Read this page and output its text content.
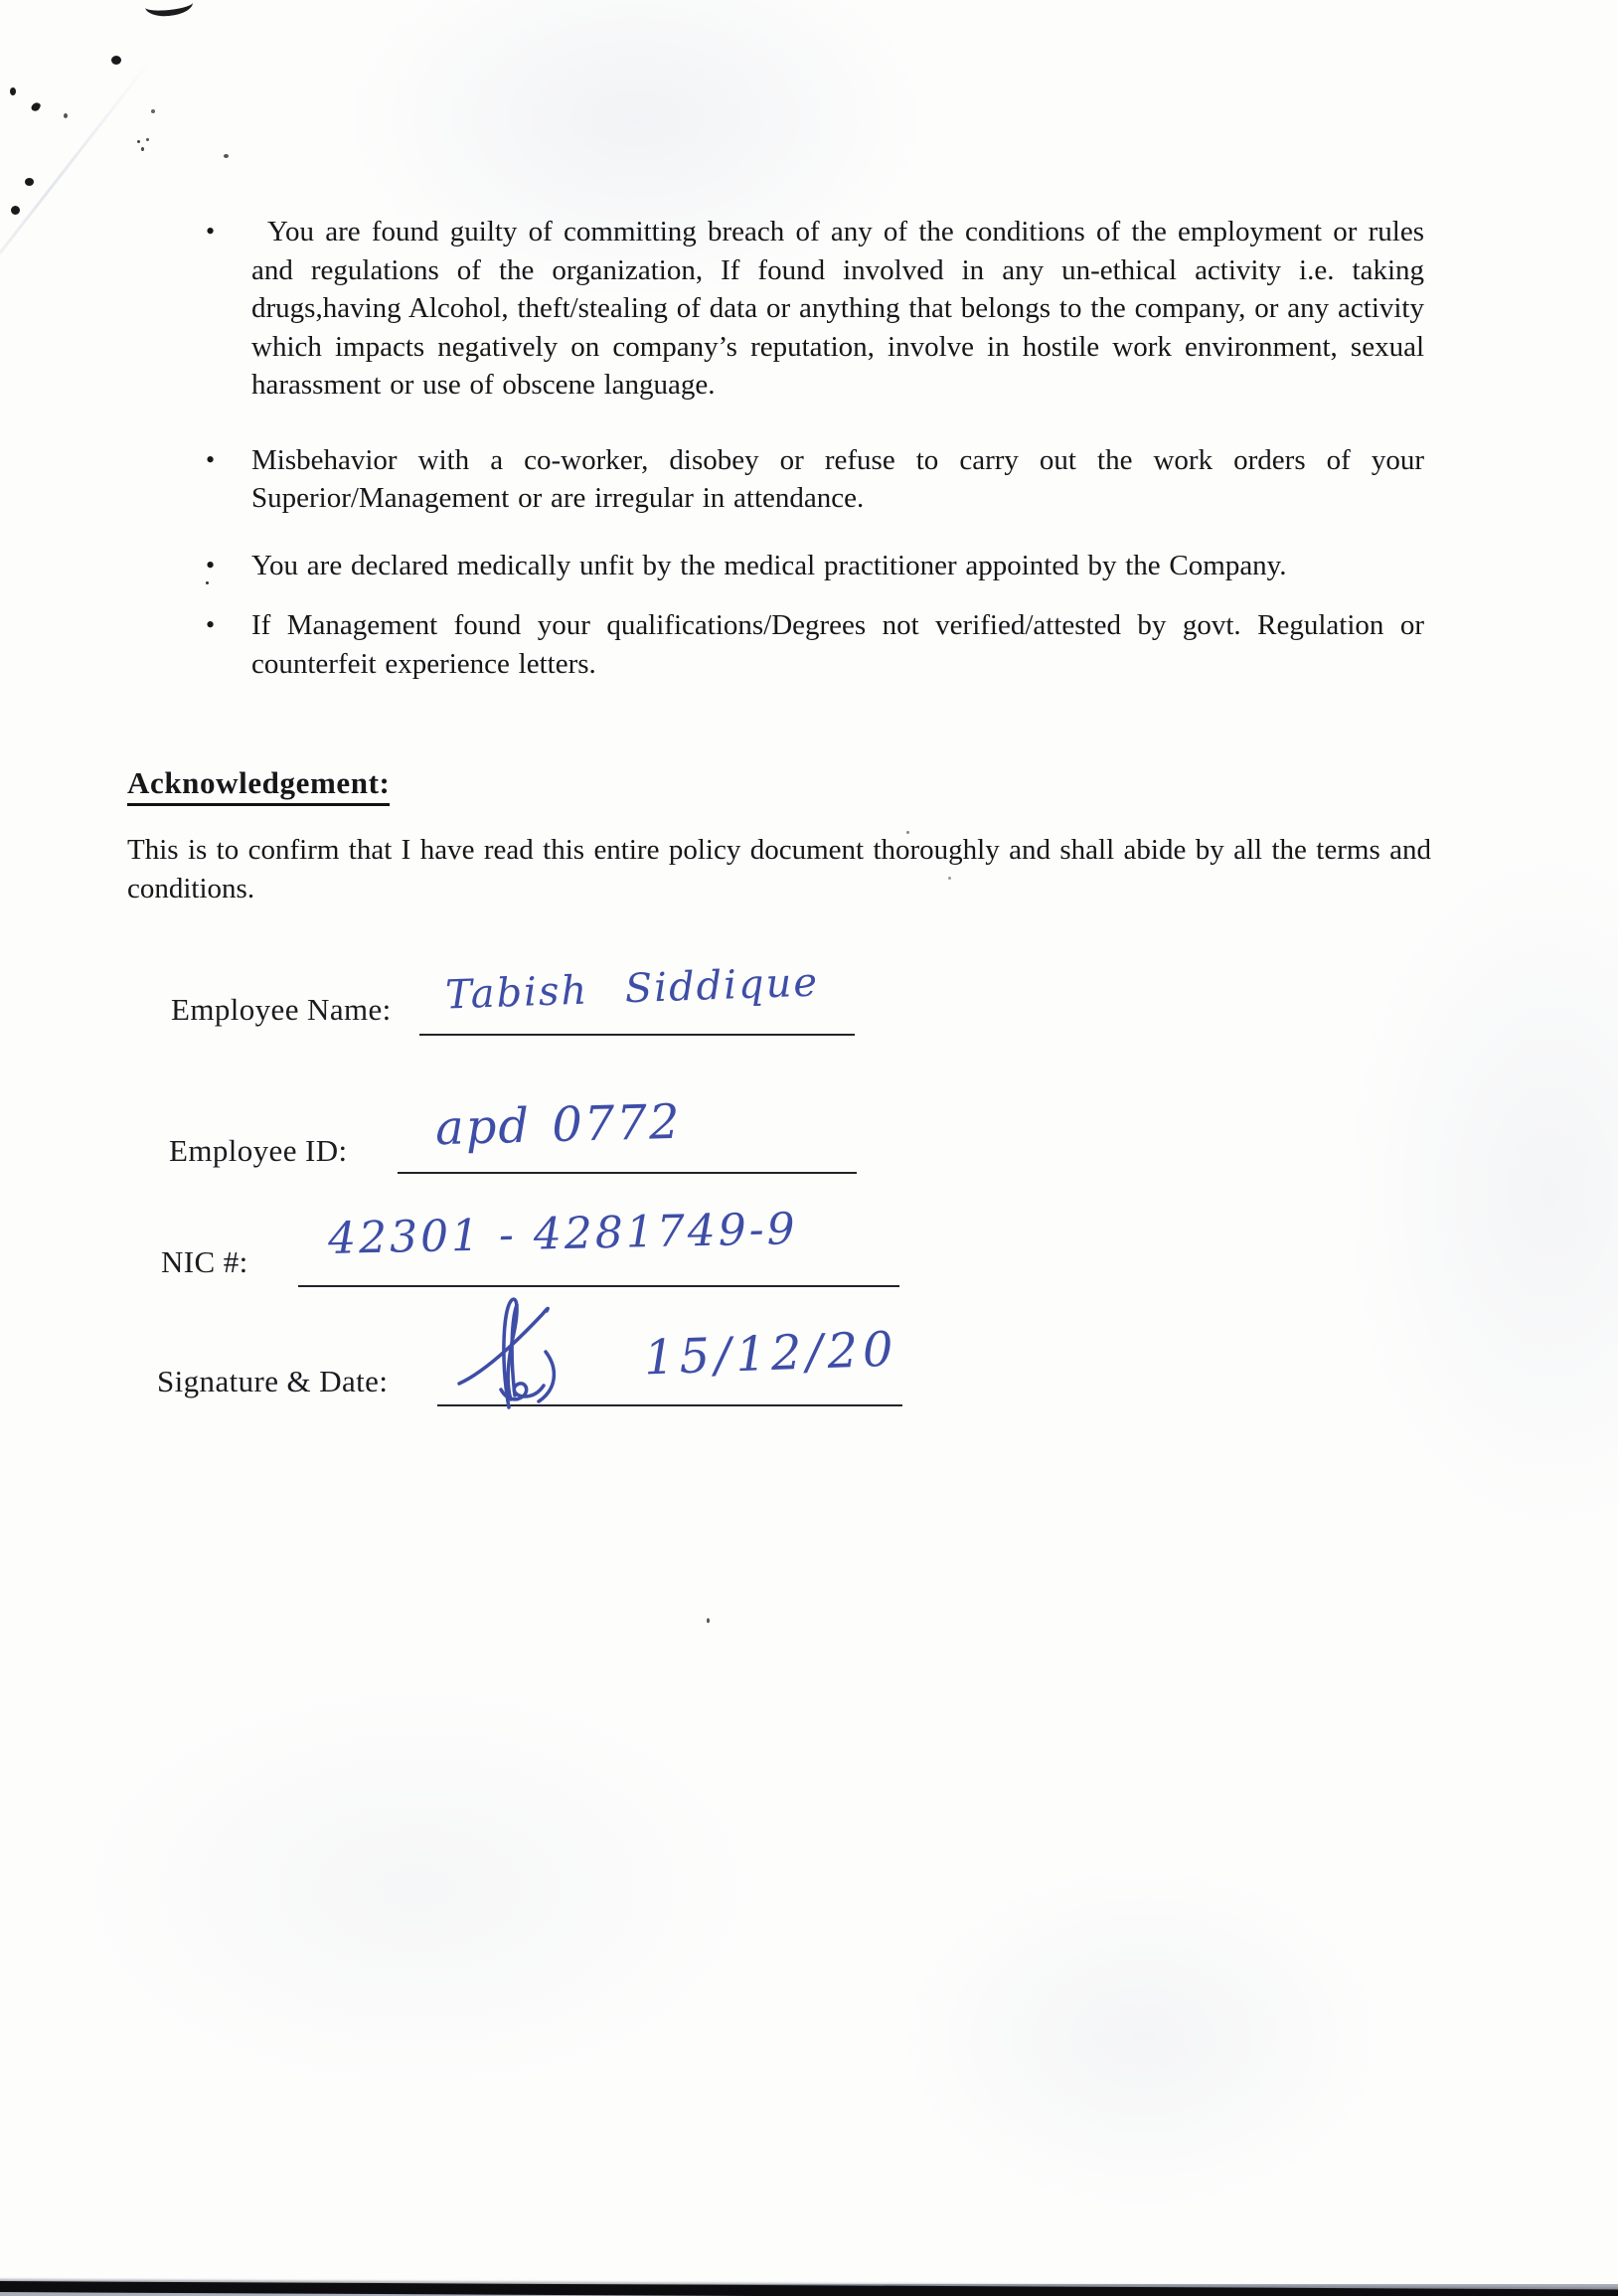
•	You are found guilty of committing breach of any of the conditions of the employment or rules and regulations of the organization, If found involved in any un-ethical activity i.e. taking drugs,having Alcohol, theft/stealing of data or anything that belongs to the company, or any activity which impacts negatively on company’s reputation, involve in hostile work environment, sexual harassment or use of obscene language.
• Misbehavior with a co-worker, disobey or refuse to carry out the work orders of your Superior/Management or are irregular in attendance.
• You are declared medically unfit by the medical practitioner appointed by the Company.
• If Management found your qualifications/Degrees not verified/attested by govt. Regulation or counterfeit experience letters.
Acknowledgement:
This is to confirm that I have read this entire policy document thoroughly and shall abide by all the terms and conditions.
Employee Name: Tabish Siddique
Employee ID: apd 0772
NIC #: 42301 - 4281749-9
Signature & Date:	15/12/20
